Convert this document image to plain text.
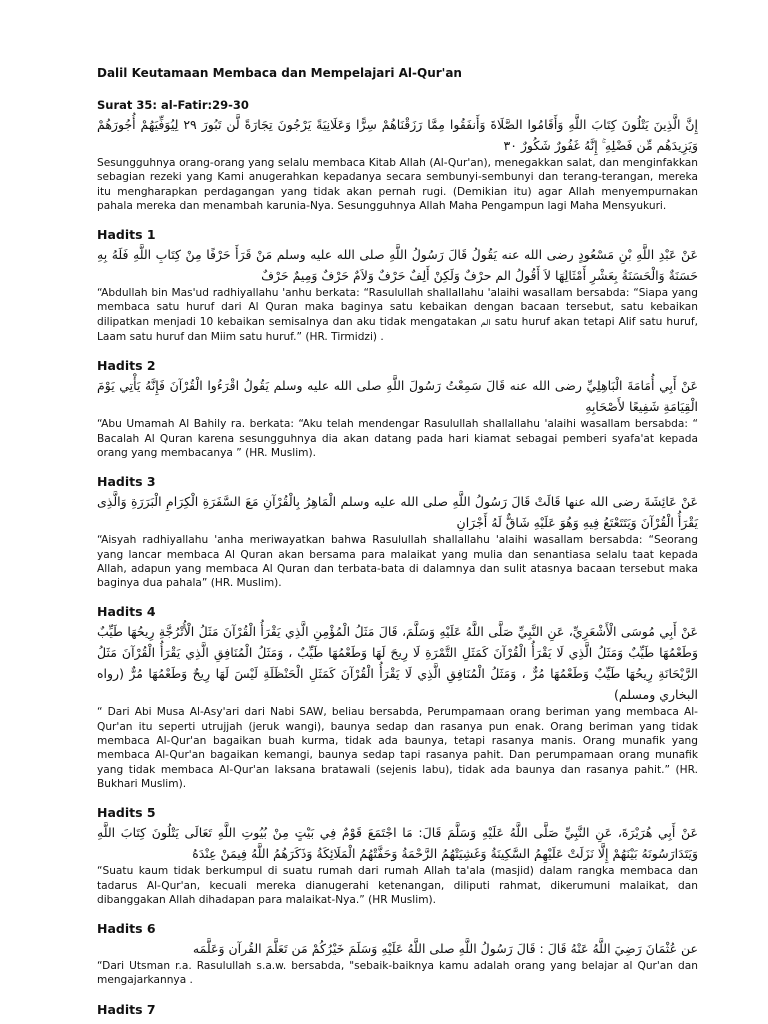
Dalil Keutamaan Membaca dan Mempelajari Al-Qur'an
Surat 35: al-Fatir:29-30

إِنَّ الَّذِينَ يَتْلُونَ كِتَابَ اللَّهِ وَأَقَامُوا الصَّلَاةَ وَأَنفَقُوا مِمَّا رَزَقْنَاهُمْ سِرًّا وَعَلَانِيَةً يَرْجُونَ تِجَارَةً لَّن تَبُورَ ٢٩ لِيُوَفِّيَهُمْ أُجُورَهُمْ وَيَزِيدَهُم مِّن فَضْلِهِ ۚ إِنَّهُ غَفُورٌ شَكُورٌ ٣٠

Sesungguhnya orang-orang yang selalu membaca Kitab Allah (Al-Qur'an), menegakkan salat, dan menginfakkan sebagian rezeki yang Kami anugerahkan kepadanya secara sembunyi-sembunyi dan terang-terangan, mereka itu mengharapkan perdagangan yang tidak akan pernah rugi. (Demikian itu) agar Allah menyempurnakan pahala mereka dan menambah karunia-Nya. Sesungguhnya Allah Maha Pengampun lagi Maha Mensyukuri.

Hadits 1

عَنْ عَبْدِ اللَّهِ بْنِ مَسْعُودٍ رضى الله عنه يَقُولُ قَالَ رَسُولُ اللَّهِ صلى الله عليه وسلم مَنْ قَرَأَ حَرْفًا مِنْ كِتَابِ اللَّهِ فَلَهُ بِهِ حَسَنَةٌ وَالْحَسَنَةُ بِعَشْرِ أَمْثَالِهَا لاَ أَقُولُ الم حرْفٌ وَلَكِنْ أَلِفٌ حَرْفٌ وَلاَمٌ حَرْفٌ وَمِيمٌ حَرْفٌ

“Abdullah bin Mas'ud radhiyallahu 'anhu berkata: “Rasulullah shallallahu 'alaihi wasallam bersabda: “Siapa yang membaca satu huruf dari Al Quran maka baginya satu kebaikan dengan bacaan tersebut, satu kebaikan dilipatkan menjadi 10 kebaikan semisalnya dan aku tidak mengatakan الم satu huruf akan tetapi Alif satu huruf, Laam satu huruf dan Miim satu huruf.” (HR. Tirmidzi) .

Hadits 2

عَنْ أَبِي أُمَامَةَ الْبَاهِلِيِّ رضى الله عنه قَالَ سَمِعْتُ رَسُولَ اللَّهِ صلى الله عليه وسلم يَقُولُ اقْرَءُوا الْقُرْآنَ فَإِنَّهُ يَأْتِي يَوْمَ الْقِيَامَةِ شَفِيعًا لأَصْحَابِهِ

“Abu Umamah Al Bahily ra. berkata: “Aku telah mendengar Rasulullah shallallahu 'alaihi wasallam bersabda: “ Bacalah Al Quran karena sesungguhnya dia akan datang pada hari kiamat sebagai pemberi syafa'at kepada orang yang membacanya ” (HR. Muslim).

Hadits 3

عَنْ عَائِشَةَ رضى الله عنها قَالَتْ قَالَ رَسُولُ اللَّهِ صلى الله عليه وسلم الْمَاهِرُ بِالْقُرْآنِ مَعَ السَّفَرَةِ الْكِرَامِ الْبَرَرَةِ وَالَّذِى يَقْرَأُ الْقُرْآنَ وَيَتَتَعْتَعُ فِيهِ وَهُوَ عَلَيْهِ شَاقٌّ لَهُ أَجْرَانِ

“Aisyah radhiyallahu 'anha meriwayatkan bahwa Rasulullah shallallahu 'alaihi wasallam bersabda: “Seorang yang lancar membaca Al Quran akan bersama para malaikat yang mulia dan senantiasa selalu taat kepada Allah, adapun yang membaca Al Quran dan terbata-bata di dalamnya dan sulit atasnya bacaan tersebut maka baginya dua pahala” (HR. Muslim).

Hadits 4

عَنْ أَبِي مُوسَى الْأَشْعَرِيِّ، عَنِ النَّبِيِّ صَلَّى اللَّهُ عَلَيْهِ وَسَلَّمَ، قَالَ مَثَلُ الْمُؤْمِنِ الَّذِي يَقْرَأُ الْقُرْآنَ مَثَلُ الْأُتْرُجَّةِ رِيحُهَا طَيِّبٌ وَطَعْمُهَا طَيِّبٌ وَمَثَلُ الَّذِي لَا يَقْرَأُ الْقُرْآنَ كَمَثَلِ التَّمْرَةِ لَا رِيحَ لَهَا وَطَعْمُهَا طَيِّبٌ ، وَمَثَلُ الْمُنَافِقِ الَّذِي يَقْرَأُ الْقُرْآنَ مَثَلُ الرَّيْحَانَةِ رِيحُهَا طَيِّبٌ وَطَعْمُهَا مُرٌّ ، وَمَثَلُ الْمُنَافِقِ الَّذِي لَا يَقْرَأُ الْقُرْآنَ كَمَثَلِ الْحَنْظَلَةِ لَيْسَ لَهَا رِيحٌ وَطَعْمُهَا مُرٌّ (رواه البخاري ومسلم)

“ Dari Abi Musa Al-Asy'ari dari Nabi SAW, beliau bersabda, Perumpamaan orang beriman yang membaca Al-Qur'an itu seperti utrujjah (jeruk wangi), baunya sedap dan rasanya pun enak. Orang beriman yang tidak membaca Al-Qur'an bagaikan buah kurma, tidak ada baunya, tetapi rasanya manis. Orang munafik yang membaca Al-Qur'an bagaikan kemangi, baunya sedap tapi rasanya pahit. Dan perumpamaan orang munafik yang tidak membaca Al-Qur'an laksana bratawali (sejenis labu), tidak ada baunya dan rasanya pahit.” (HR. Bukhari Muslim).

Hadits 5

عَنْ أَبِي هُرَيْرَةَ، عَنِ النَّبِيِّ صَلَّى اللَّهُ عَلَيْهِ وَسَلَّمَ قَالَ: مَا اجْتَمَعَ قَوْمٌ فِي بَيْتٍ مِنْ بُيُوتِ اللَّهِ تَعَالَى يَتْلُونَ كِتَابَ اللَّهِ وَيَتَدَارَسُونَهُ بَيْنَهُمْ إِلَّا نَزَلَتْ عَلَيْهِمُ السَّكِينَةُ وَغَشِيَتْهُمُ الرَّحْمَةُ وَحَفَّتْهُمُ الْمَلَائِكَةُ وَذَكَرَهُمُ اللَّهُ فِيمَنْ عِنْدَهُ

“Suatu kaum tidak berkumpul di suatu rumah dari rumah Allah ta'ala (masjid) dalam rangka membaca dan tadarus Al-Qur'an, kecuali mereka dianugerahi ketenangan, diliputi rahmat, dikerumuni malaikat, dan dibanggakan Allah dihadapan para malaikat-Nya.” (HR Muslim).

Hadits 6

عن عُثْمَانَ رَضِيَ اللَّهُ عَنْهُ قَالَ : قَالَ رَسُولُ اللَّهِ صلى اللَّهُ عَلَيْهِ وَسَلَمَ خَيْرُكُمْ مَن تَعَلَّمَ القُرآن وَعَلَّمَه

“Dari Utsman r.a. Rasulullah s.a.w. bersabda, "sebaik-baiknya kamu adalah orang yang belajar al Qur'an dan mengajarkannya .

Hadits 7
